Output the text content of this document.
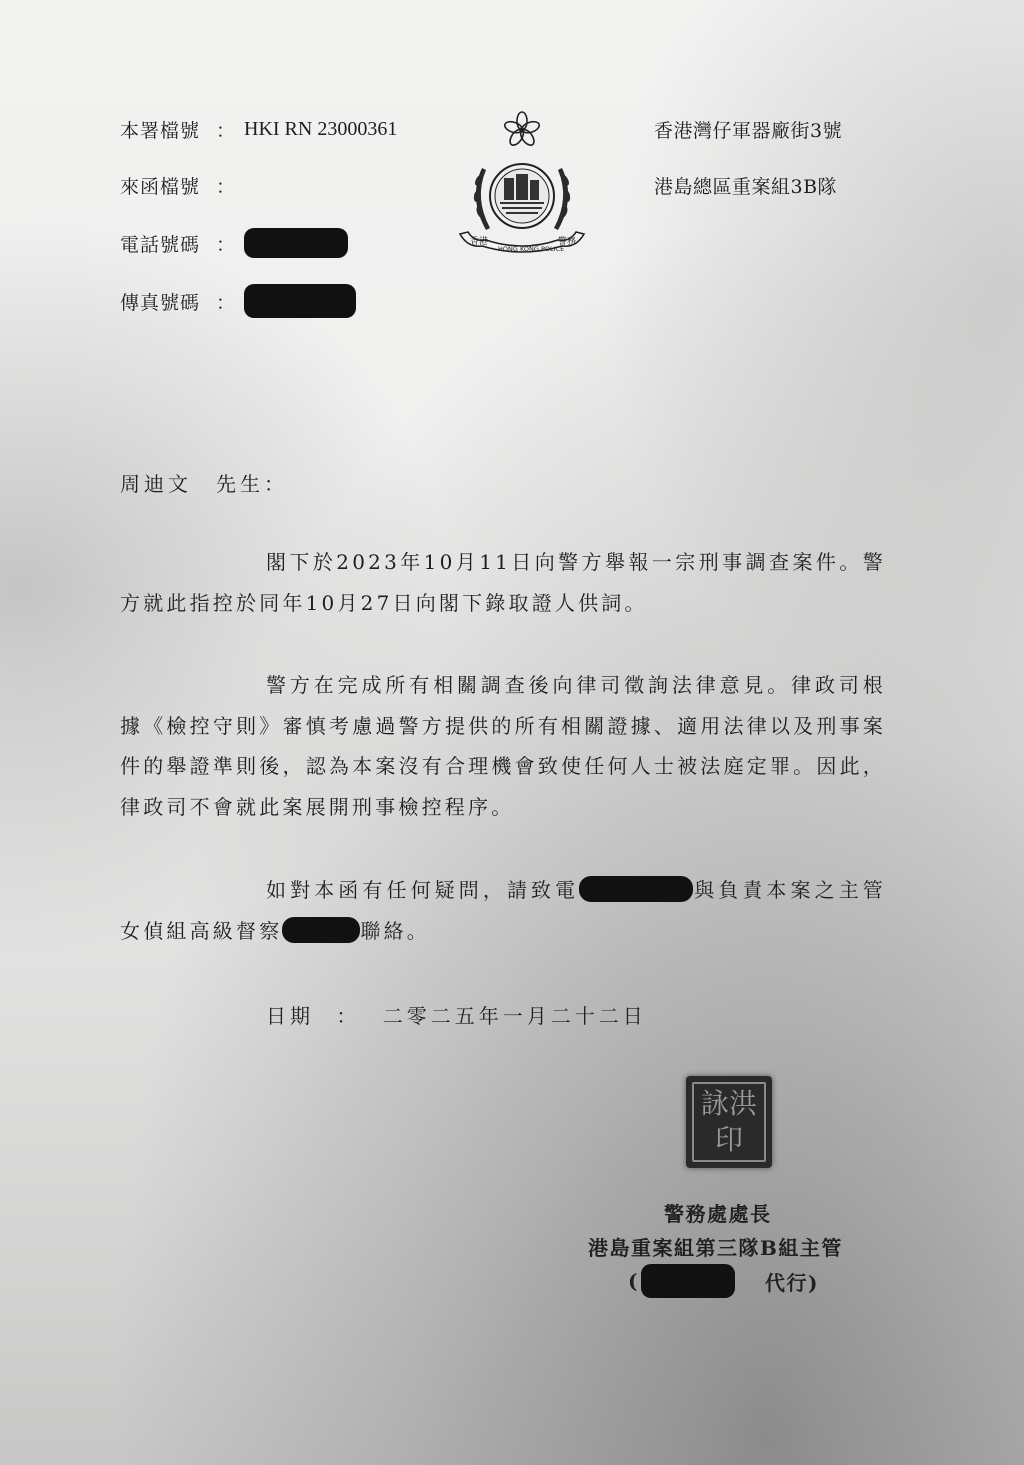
本署檔號 ： HKI RN 23000361
來函檔號 ：
電話號碼 ：
傳真號碼 ：
香港
HONG KONG POLICE
警務
香港灣仔軍器廠街3號
港島總區重案組3B隊
周迪文　先生：
閣下於2023年10月11日向警方舉報一宗刑事調查案件。警方就此指控於同年10月27日向閣下錄取證人供詞。
警方在完成所有相關調查後向律司徵詢法律意見。律政司根據《檢控守則》審慎考慮過警方提供的所有相關證據、適用法律以及刑事案件的舉證準則後，認為本案沒有合理機會致使任何人士被法庭定罪。因此，律政司不會就此案展開刑事檢控程序。
如對本函有任何疑問，請致電	與負責本案之主管女偵組高級督察	聯絡。
日期 ： 二零二五年一月二十二日
詠 洪
印
警務處處長
港島重案組第三隊B組主管
(	代行)
